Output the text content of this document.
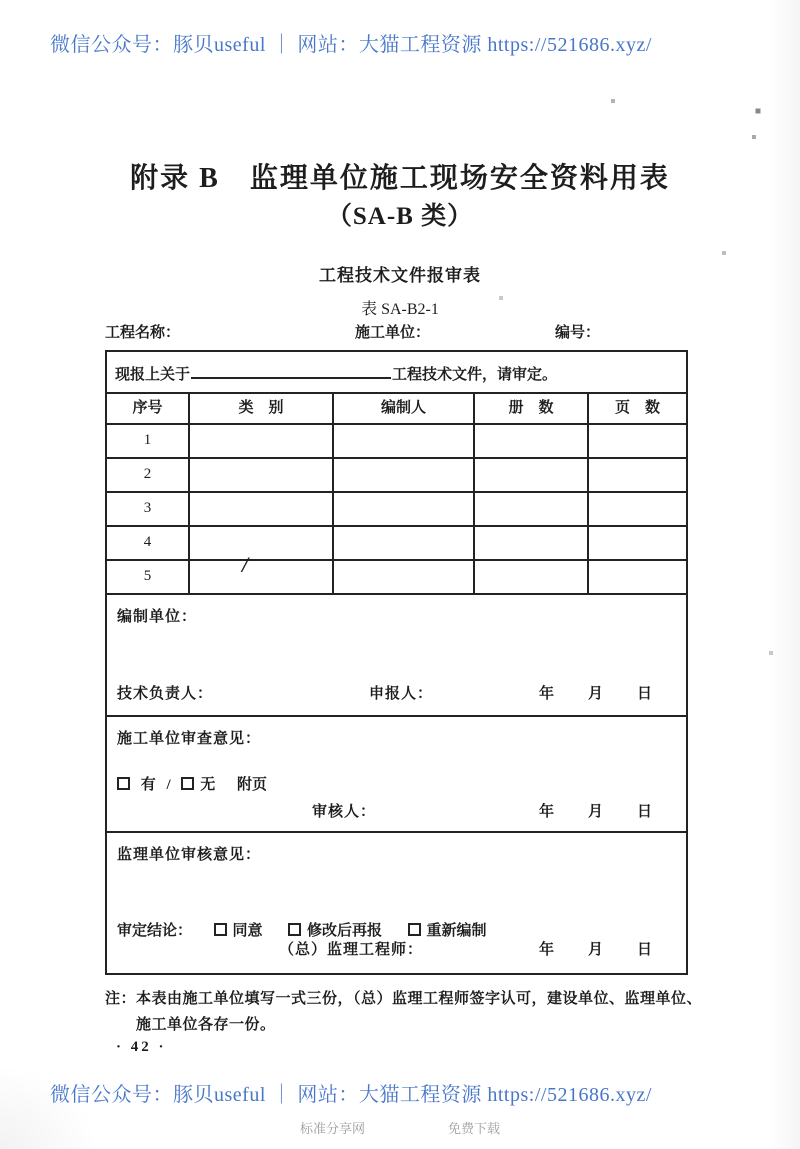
微信公众号：豚贝useful ｜ 网站：大猫工程资源 https://521686.xyz/
附录 B　监理单位施工现场安全资料用表
（SA-B 类）
工程技术文件报审表
表 SA-B2-1
工程名称：	施工单位：	编号：
现报上关于	工程技术文件，请审定。
序号	类　别	编制人	册　数	页　数
1
2
3
4
5	/
编制单位：
技术负责人：	申报人：	年 月 日
施工单位审查意见：
有 / 无 附页
审核人：	年 月 日
监理单位审核意见：
审定结论：	同意	修改后再报	重新编制
（总）监理工程师：	年 月 日
注：本表由施工单位填写一式三份，（总）监理工程师签字认可，建设单位、监理单位、
施工单位各存一份。
· 42 ·
微信公众号：豚贝useful ｜ 网站：大猫工程资源 https://521686.xyz/
标准分享网	免费下载
